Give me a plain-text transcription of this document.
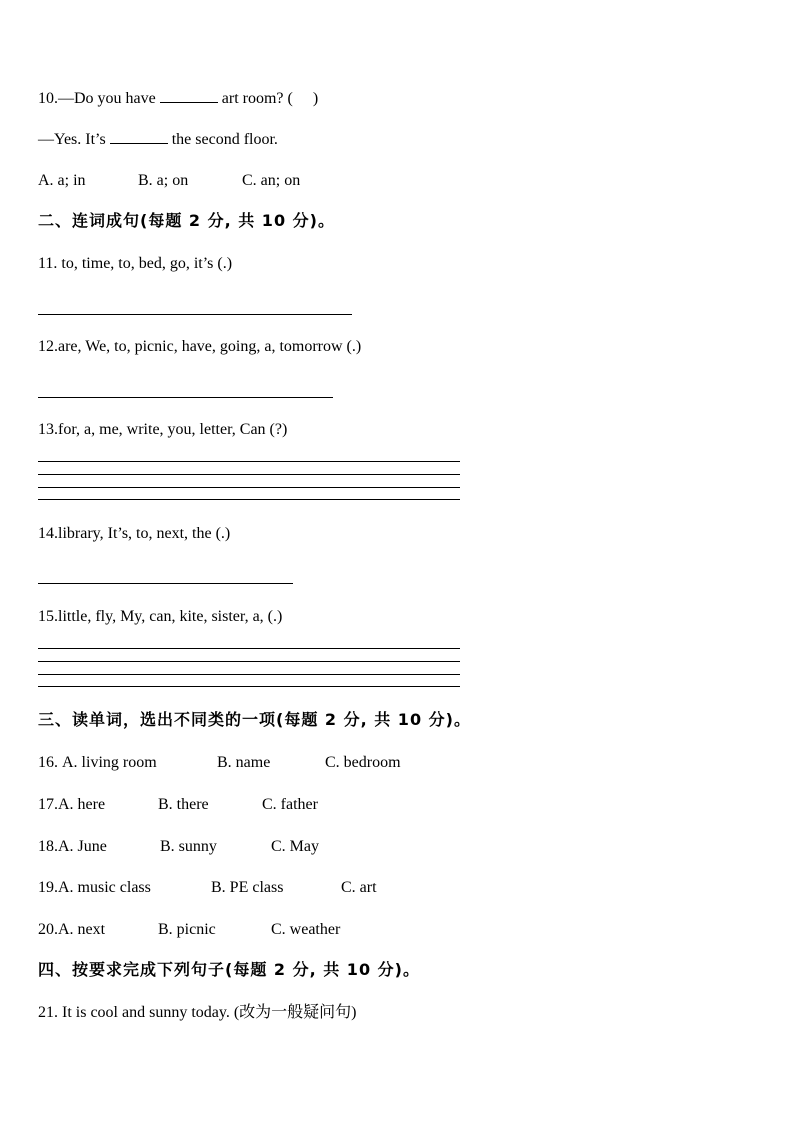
10.—Do you have	art room? (　 )
—Yes. It’s	the second floor.
A. a; in	B. a; on	C. an; on
二、连词成句(每题 2 分, 共 10 分)。
11. to, time, to, bed, go, it’s (.)
12.are, We, to, picnic, have, going, a, tomorrow (.)
13.for, a, me, write, you, letter, Can (?)
14.library, It’s, to, next, the (.)
15.little, fly, My, can, kite, sister, a, (.)
三、读单词，选出不同类的一项(每题 2 分, 共 10 分)。
16. A. living room	B. name	C. bedroom
17.A. here	B. there	C. father
18.A. June	B. sunny	C. May
19.A. music class	B. PE class	C. art
20.A. next	B. picnic	C. weather
四、按要求完成下列句子(每题 2 分, 共 10 分)。
21. It is cool and sunny today. (改为一般疑问句)
